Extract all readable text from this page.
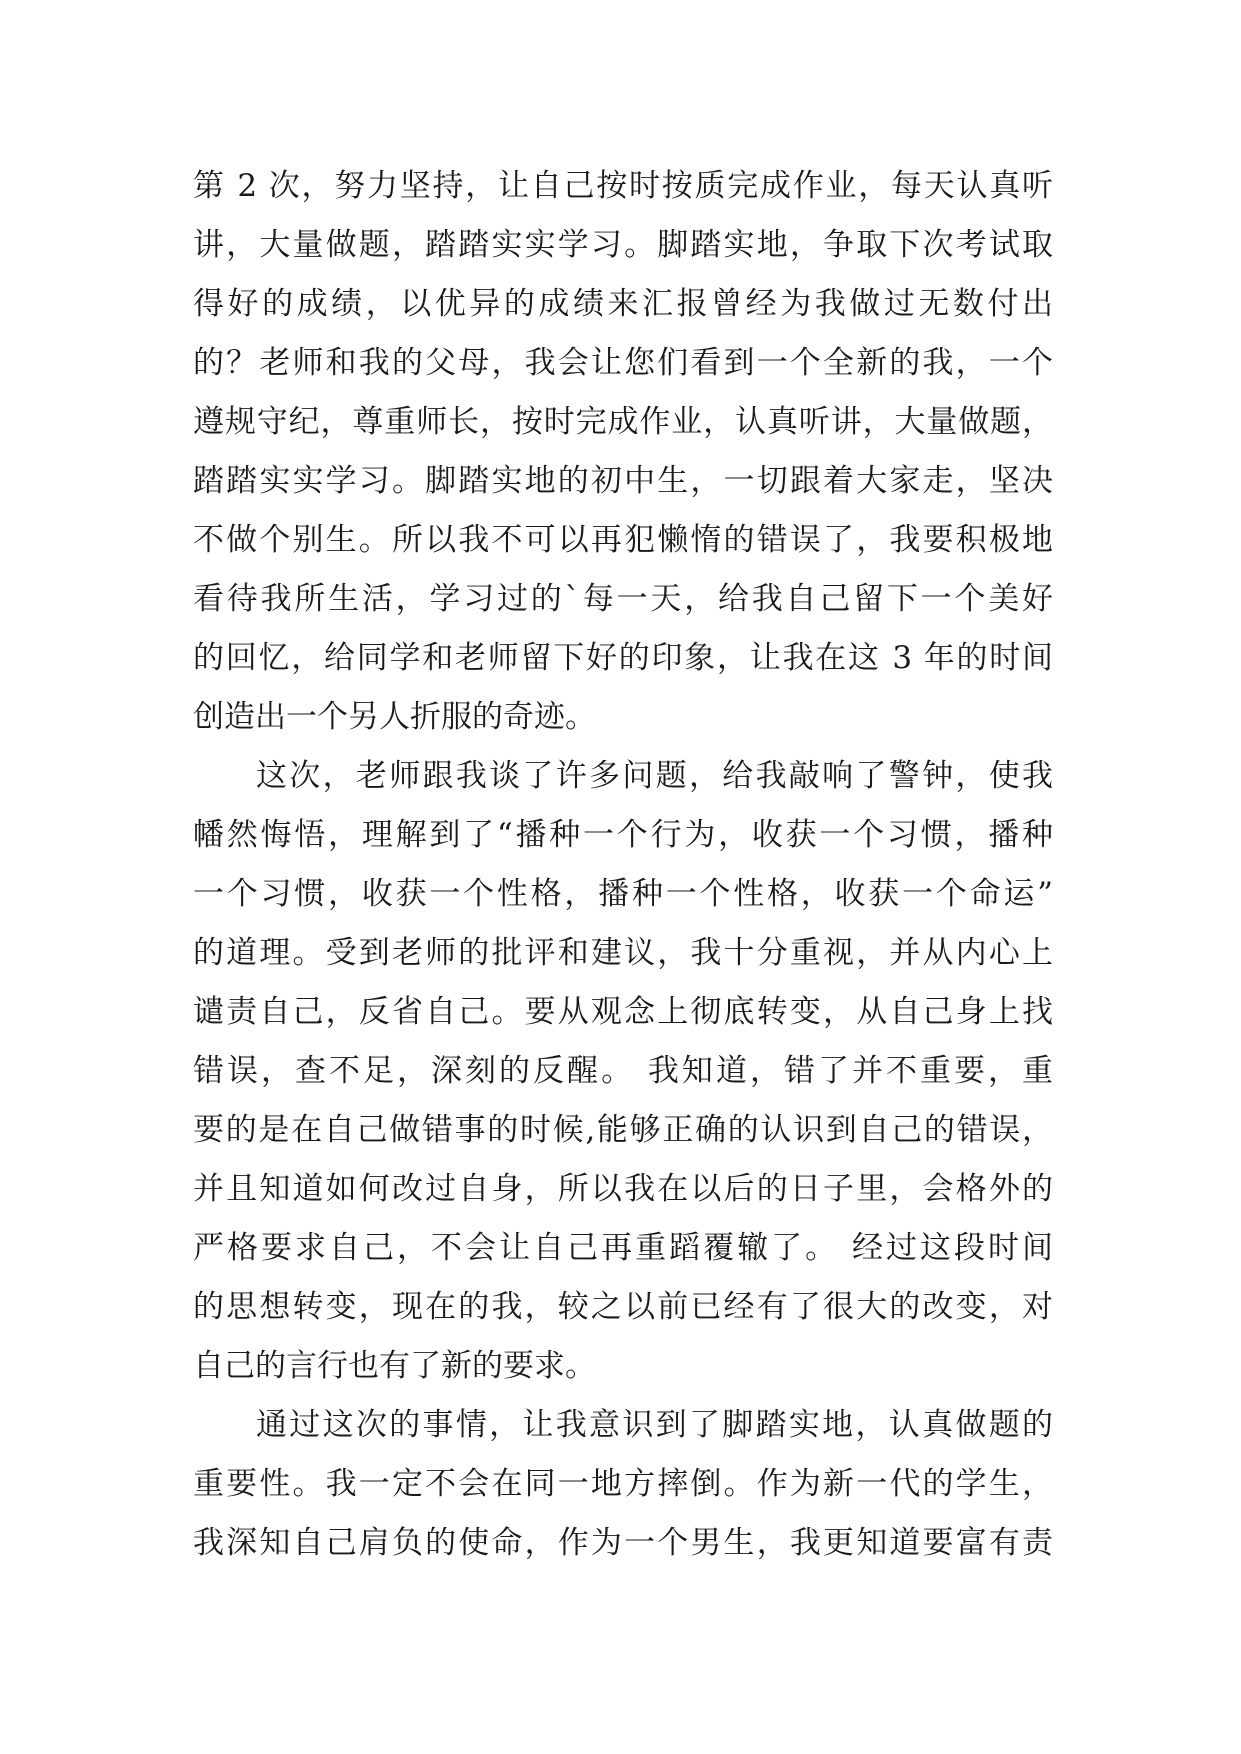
第 2 次，努力坚持，让自己按时按质完成作业，每天认真听
讲，大量做题，踏踏实实学习。脚踏实地，争取下次考试取
得好的成绩，以优异的成绩来汇报曾经为我做过无数付出
的？老师和我的父母，我会让您们看到一个全新的我，一个
遵规守纪，尊重师长，按时完成作业，认真听讲，大量做题，
踏踏实实学习。脚踏实地的初中生，一切跟着大家走，坚决
不做个别生。所以我不可以再犯懒惰的错误了，我要积极地
看待我所生活，学习过的`每一天，给我自己留下一个美好
的回忆，给同学和老师留下好的印象，让我在这 3 年的时间
创造出一个另人折服的奇迹。
这次，老师跟我谈了许多问题，给我敲响了警钟，使我
幡然悔悟，理解到了“播种一个行为，收获一个习惯，播种
一个习惯，收获一个性格，播种一个性格，收获一个命运”
的道理。受到老师的批评和建议，我十分重视，并从内心上
谴责自己，反省自己。要从观念上彻底转变，从自己身上找
错误，查不足，深刻的反醒。 我知道，错了并不重要，重
要的是在自己做错事的时候,能够正确的认识到自己的错误，
并且知道如何改过自身，所以我在以后的日子里，会格外的
严格要求自己，不会让自己再重蹈覆辙了。 经过这段时间
的思想转变，现在的我，较之以前已经有了很大的改变，对
自己的言行也有了新的要求。
通过这次的事情，让我意识到了脚踏实地，认真做题的
重要性。我一定不会在同一地方摔倒。作为新一代的学生，
我深知自己肩负的使命，作为一个男生，我更知道要富有责
